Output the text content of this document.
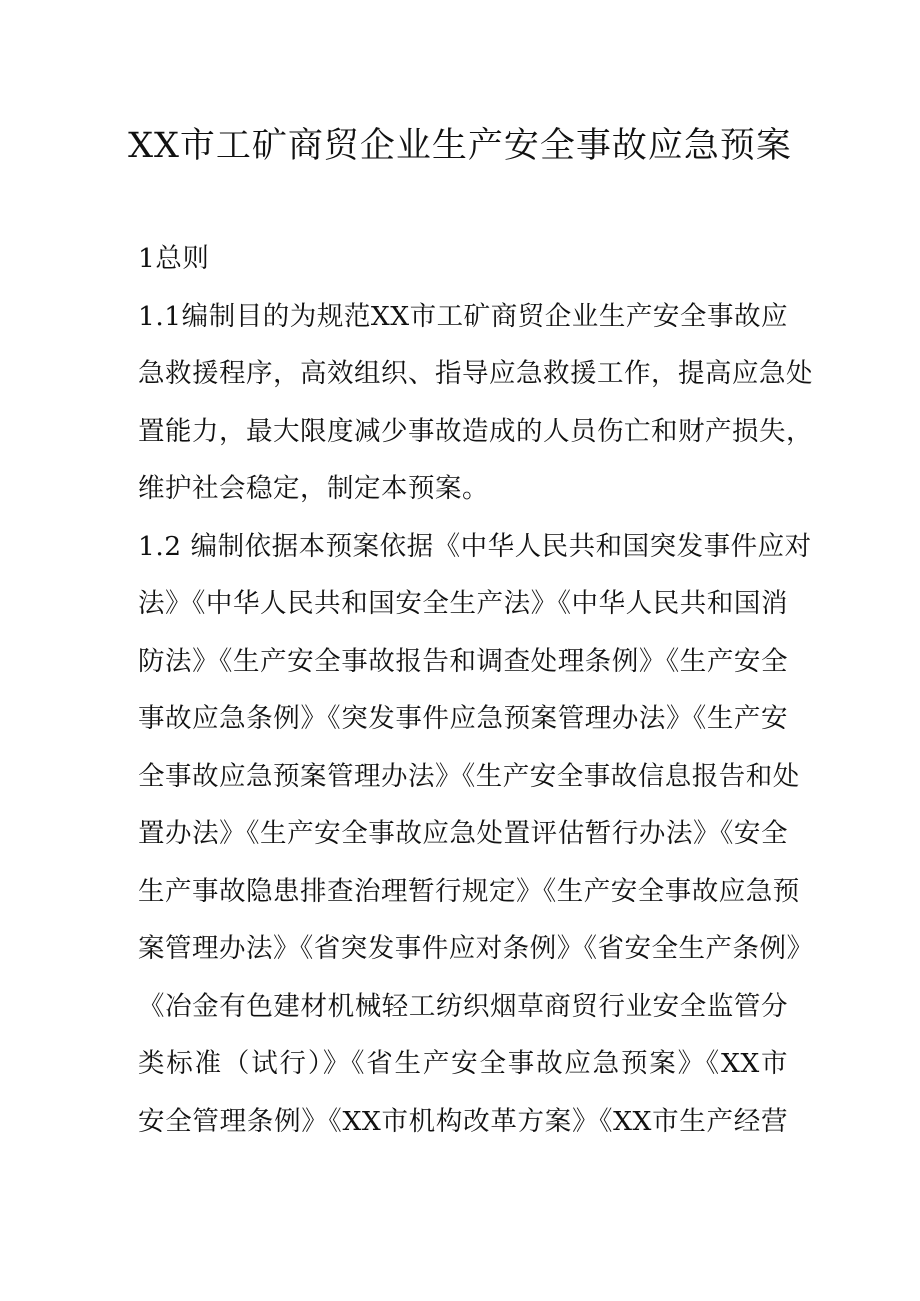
XX市工矿商贸企业生产安全事故应急预案
1总则
1.1编制目的为规范XX市工矿商贸企业生产安全事故应
急救援程序，高效组织、指导应急救援工作，提高应急处
置能力，最大限度减少事故造成的人员伤亡和财产损失，
维护社会稳定，制定本预案。
1.2 编制依据本预案依据《中华人民共和国突发事件应对
法》《中华人民共和国安全生产法》《中华人民共和国消
防法》《生产安全事故报告和调查处理条例》《生产安全
事故应急条例》《突发事件应急预案管理办法》《生产安
全事故应急预案管理办法》《生产安全事故信息报告和处
置办法》《生产安全事故应急处置评估暂行办法》《安全
生产事故隐患排查治理暂行规定》《生产安全事故应急预
案管理办法》《省突发事件应对条例》《省安全生产条例》
《冶金有色建材机械轻工纺织烟草商贸行业安全监管分
类标准（试行）》《省生产安全事故应急预案》《XX市
安全管理条例》《XX市机构改革方案》《XX市生产经营
